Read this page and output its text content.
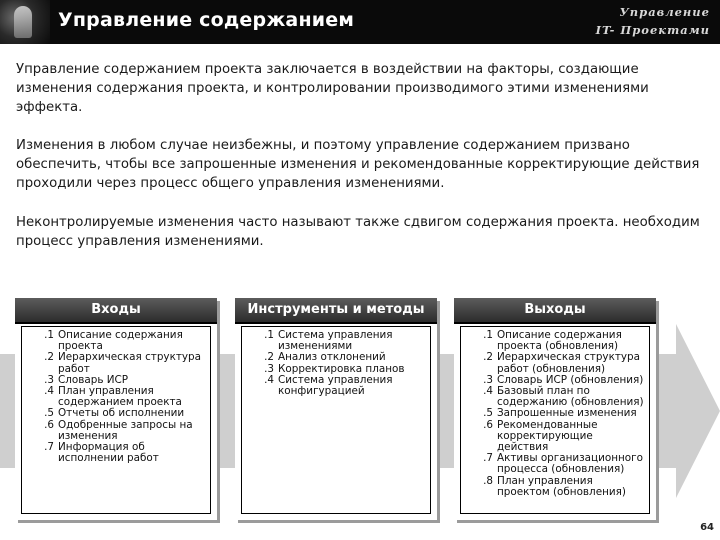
Управление содержанием	Управление
IT- Проектами
Управление содержанием проекта заключается в воздействии на факторы, создающие изменения содержания проекта, и контролировании производимого этими изменениями эффекта.
Изменения в любом случае неизбежны, и поэтому управление содержанием призвано обеспечить, чтобы все запрошенные изменения и рекомендованные корректирующие действия проходили через процесс общего управления изменениями.
Неконтролируемые изменения часто называют также сдвигом содержания проекта. необходим процесс управления изменениями.
Входы
.1 Описание содержания проекта
.2 Иерархическая структура работ
.3 Словарь ИСР
.4 План управления содержанием проекта
.5 Отчеты об исполнении
.6 Одобренные запросы на изменения
.7 Информация об исполнении работ
Инструменты и методы
.1 Система управления изменениями
.2 Анализ отклонений
.3 Корректировка планов
.4 Система управления конфигурацией
Выходы
.1 Описание содержания проекта (обновления)
.2 Иерархическая структура работ (обновления)
.3 Словарь ИСР (обновления)
.4 Базовый план по содержанию (обновления)
.5 Запрошенные изменения
.6 Рекомендованные корректирующие действия
.7 Активы организационного процесса (обновления)
.8 План управления проектом (обновления)
64
